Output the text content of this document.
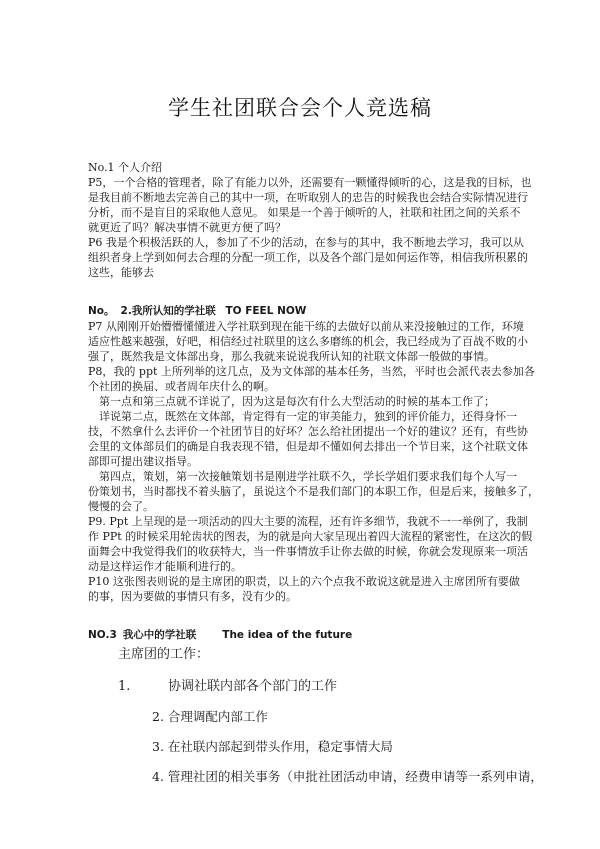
学生社团联合会个人竞选稿

No.1 个人介绍

P5，一个合格的管理者，除了有能力以外，还需要有一颗懂得倾听的心，这是我的目标，也

是我目前不断地去完善自己的其中一项，在听取别人的忠告的时候我也会结合实际情况进行

分析，而不是盲目的采取他人意见。 如果是一个善于倾听的人，社联和社团之间的关系不

就更近了吗？解决事情不就更方便了吗？

P6 我是个积极活跃的人，参加了不少的活动，在参与的其中，我不断地去学习，我可以从

组织者身上学到如何去合理的分配一项工作，以及各个部门是如何运作等，相信我所积累的

这些，能够去

No。 2.我所认知的学社联 TO FEEL NOW

P7 从刚刚开始懵懵懂懂进入学社联到现在能干练的去做好以前从来没接触过的工作，环境

适应性越来越强，好吧，相信经过社联里的这么多磨练的机会，我已经成为了百战不败的小

强了，既然我是文体部出身，那么我就来说说我所认知的社联文体部一般做的事情。

P8，我的 ppt 上所列举的这几点，及为文体部的基本任务，当然，平时也会派代表去参加各

个社团的换届、或者周年庆什么的啊。

第一点和第三点就不详说了，因为这是每次有什么大型活动的时候的基本工作了；

详说第二点，既然在文体部，肯定得有一定的审美能力，独到的评价能力，还得身怀一

技，不然拿什么去评价一个社团节目的好坏？怎么给社团提出一个好的建议？还有，有些协

会里的文体部员们的确是自我表现不错，但是却不懂如何去排出一个节目来，这个社联文体

部即可提出建议指导。

第四点，策划，第一次接触策划书是刚进学社联不久，学长学姐们要求我们每个人写一

份策划书，当时都找不着头脑了，虽说这个不是我们部门的本职工作，但是后来，接触多了，

慢慢的会了。

P9. Ppt 上呈现的是一项活动的四大主要的流程，还有许多细节，我就不一一举例了，我制

作 PPt 的时候采用轮齿状的图表，为的就是向大家呈现出着四大流程的紧密性，在这次的假

面舞会中我觉得我们的收获特大，当一件事情放手让你去做的时候，你就会发现原来一项活

动是这样运作才能顺利进行的。

P10 这张图表则说的是主席团的职责，以上的六个点我不敢说这就是进入主席团所有要做

的事，因为要做的事情只有多，没有少的。

NO.3 我心中的学社联 The idea of the future
主席团的工作：
1.	协调社联内部各个部门的工作
2. 合理调配内部工作
3. 在社联内部起到带头作用，稳定事情大局
4. 管理社团的相关事务（申批社团活动申请，经费申请等一系列申请，
